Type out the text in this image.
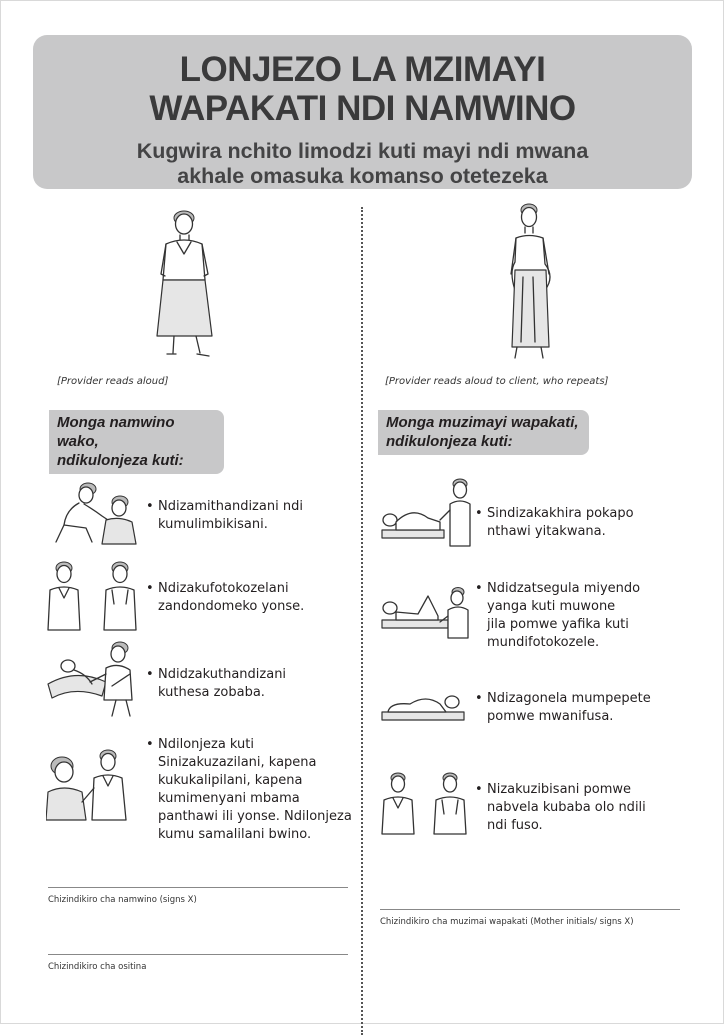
LONJEZO LA MZIMAYI
WAPAKATI NDI NAMWINO
Kugwira nchito limodzi kuti mayi ndi mwana
akhale omasuka komanso otetezeka
[Provider reads aloud]	[Provider reads aloud to client, who repeats]
Monga namwino wako,
ndikulonjeza kuti:
Monga muzimayi wapakati,
ndikulonjeza kuti:
• Ndizamithandizani ndi
kumulimbikisani.
• Ndizakufotokozelani
zandondomeko yonse.
• Ndidzakuthandizani
kuthesa zobaba.
• Ndilonjeza kuti
Sinizakuzazilani, kapena
kukukalipilani, kapena
kumimenyani mbama
panthawi ili yonse. Ndilonjeza
kumu samalilani bwino.
• Sindizakakhira pokapo
nthawi yitakwana.
• Ndidzatsegula miyendo
yanga kuti muwone
jila pomwe yafika kuti
mundifotokozele.
• Ndizagonela mumpepete
pomwe mwanifusa.
• Nizakuzibisani pomwe
nabvela kubaba olo ndili
ndi fuso.
Chizindikiro cha namwino (signs X)
Chizindikiro cha ositina
Chizindikiro cha muzimai wapakati (Mother initials/ signs X)
